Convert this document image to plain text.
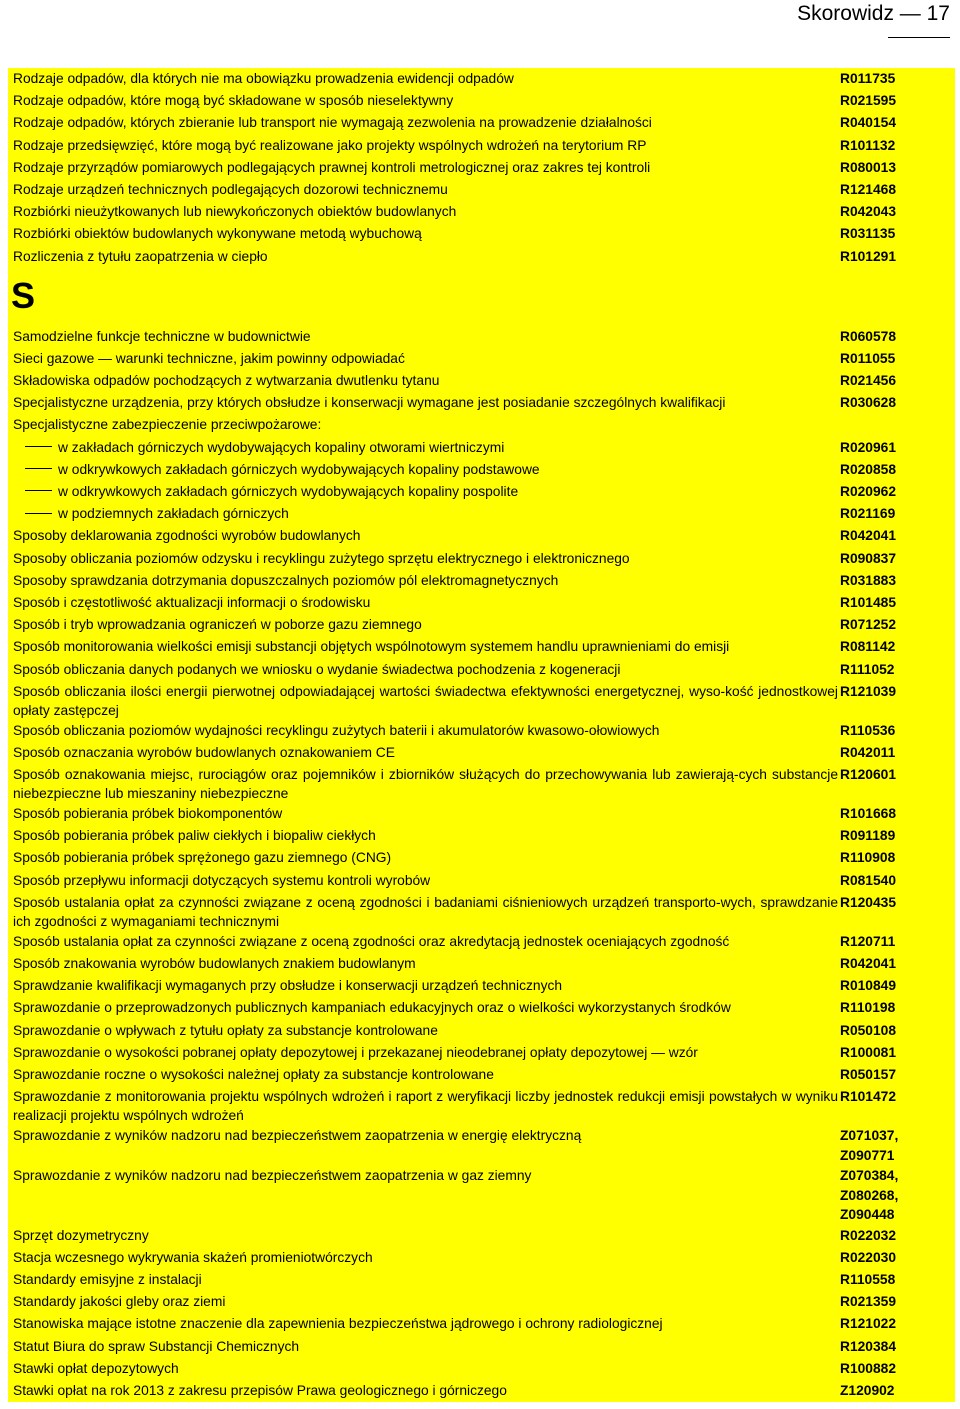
Skorowidz — 17
Rodzaje odpadów, dla których nie ma obowiązku prowadzenia ewidencji odpadów	R011735
Rodzaje odpadów, które mogą być składowane w sposób nieselektywny	R021595
Rodzaje odpadów, których zbieranie lub transport nie wymagają zezwolenia na prowadzenie działalności	R040154
Rodzaje przedsięwzięć, które mogą być realizowane jako projekty wspólnych wdrożeń na terytorium RP	R101132
Rodzaje przyrządów pomiarowych podlegających prawnej kontroli metrologicznej oraz zakres tej kontroli	R080013
Rodzaje urządzeń technicznych podlegających dozorowi technicznemu	R121468
Rozbiórki nieużytkowanych lub niewykończonych obiektów budowlanych	R042043
Rozbiórki obiektów budowlanych wykonywane metodą wybuchową	R031135
Rozliczenia z tytułu zaopatrzenia w ciepło	R101291
S
Samodzielne funkcje techniczne w budownictwie	R060578
Sieci gazowe — warunki techniczne, jakim powinny odpowiadać	R011055
Składowiska odpadów pochodzących z wytwarzania dwutlenku tytanu	R021456
Specjalistyczne urządzenia, przy których obsłudze i konserwacji wymagane jest posiadanie szczególnych kwalifikacji	R030628
Specjalistyczne zabezpieczenie przeciwpożarowe:
w zakładach górniczych wydobywających kopaliny otworami wiertniczymi	R020961
w odkrywkowych zakładach górniczych wydobywających kopaliny podstawowe	R020858
w odkrywkowych zakładach górniczych wydobywających kopaliny pospolite	R020962
w podziemnych zakładach górniczych	R021169
Sposoby deklarowania zgodności wyrobów budowlanych	R042041
Sposoby obliczania poziomów odzysku i recyklingu zużytego sprzętu elektrycznego i elektronicznego	R090837
Sposoby sprawdzania dotrzymania dopuszczalnych poziomów pól elektromagnetycznych	R031883
Sposób i częstotliwość aktualizacji informacji o środowisku	R101485
Sposób i tryb wprowadzania ograniczeń w poborze gazu ziemnego	R071252
Sposób monitorowania wielkości emisji substancji objętych wspólnotowym systemem handlu uprawnieniami do emisji	R081142
Sposób obliczania danych podanych we wniosku o wydanie świadectwa pochodzenia z kogeneracji	R111052
Sposób obliczania ilości energii pierwotnej odpowiadającej wartości świadectwa efektywności energetycznej, wyso-kość jednostkowej opłaty zastępczej
R121039
Sposób obliczania poziomów wydajności recyklingu zużytych baterii i akumulatorów kwasowo-ołowiowych	R110536
Sposób oznaczania wyrobów budowlanych oznakowaniem CE	R042011
Sposób oznakowania miejsc, rurociągów oraz pojemników i zbiorników służących do przechowywania lub zawierają-cych substancje niebezpieczne lub mieszaniny niebezpieczne
R120601
Sposób pobierania próbek biokomponentów	R101668
Sposób pobierania próbek paliw ciekłych i biopaliw ciekłych	R091189
Sposób pobierania próbek sprężonego gazu ziemnego (CNG)	R110908
Sposób przepływu informacji dotyczących systemu kontroli wyrobów	R081540
Sposób ustalania opłat za czynności związane z oceną zgodności i badaniami ciśnieniowych urządzeń transporto-wych, sprawdzanie ich zgodności z wymaganiami technicznymi
R120435
Sposób ustalania opłat za czynności związane z oceną zgodności oraz akredytacją jednostek oceniających zgodność	R120711
Sposób znakowania wyrobów budowlanych znakiem budowlanym	R042041
Sprawdzanie kwalifikacji wymaganych przy obsłudze i konserwacji urządzeń technicznych	R010849
Sprawozdanie o przeprowadzonych publicznych kampaniach edukacyjnych oraz o wielkości wykorzystanych środków	R110198
Sprawozdanie o wpływach z tytułu opłaty za substancje kontrolowane	R050108
Sprawozdanie o wysokości pobranej opłaty depozytowej i przekazanej nieodebranej opłaty depozytowej — wzór	R100081
Sprawozdanie roczne o wysokości należnej opłaty za substancje kontrolowane	R050157
Sprawozdanie z monitorowania projektu wspólnych wdrożeń i raport z weryfikacji liczby jednostek redukcji emisji powstałych w wyniku realizacji projektu wspólnych wdrożeń
R101472
Sprawozdanie z wyników nadzoru nad bezpieczeństwem zaopatrzenia w energię elektryczną	Z071037,
Z090771
Sprawozdanie z wyników nadzoru nad bezpieczeństwem zaopatrzenia w gaz ziemny	Z070384,
Z080268,
Z090448
Sprzęt dozymetryczny	R022032
Stacja wczesnego wykrywania skażeń promieniotwórczych	R022030
Standardy emisyjne z instalacji	R110558
Standardy jakości gleby oraz ziemi	R021359
Stanowiska mające istotne znaczenie dla zapewnienia bezpieczeństwa jądrowego i ochrony radiologicznej	R121022
Statut Biura do spraw Substancji Chemicznych	R120384
Stawki opłat depozytowych	R100882
Stawki opłat na rok 2013 z zakresu przepisów Prawa geologicznego i górniczego	Z120902
